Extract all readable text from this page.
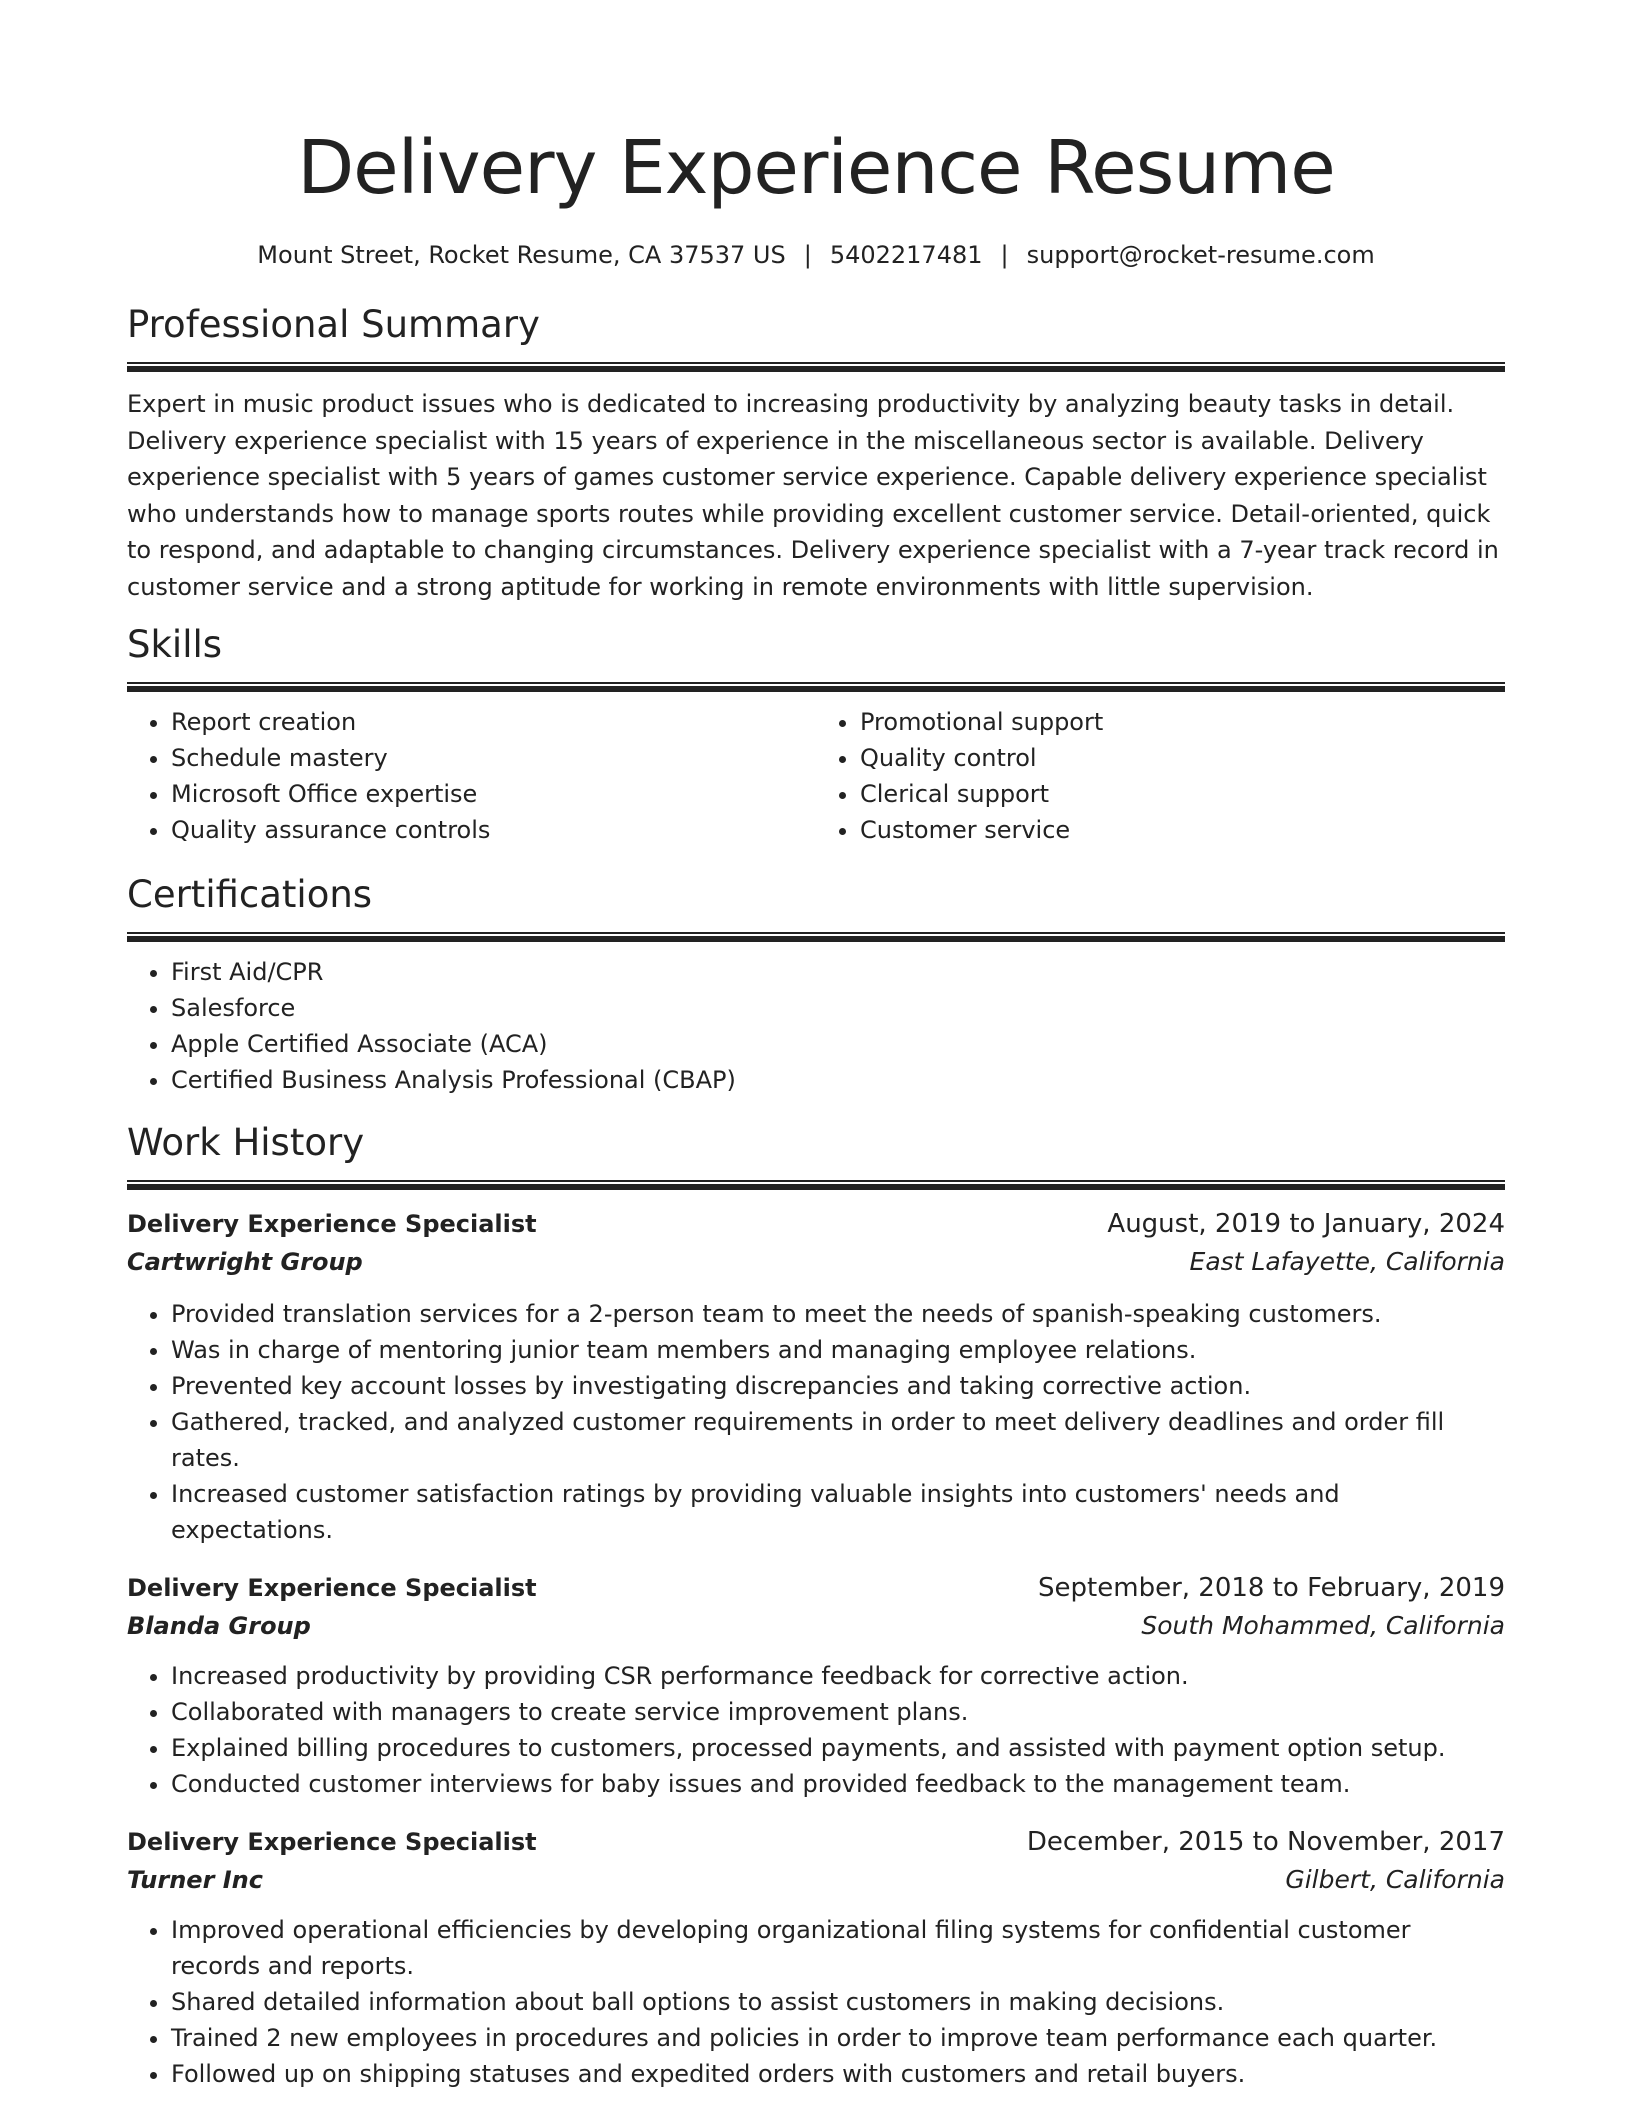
Delivery Experience Resume
Mount Street, Rocket Resume, CA 37537 US | 5402217481 | support@rocket-resume.com
Professional Summary

Expert in music product issues who is dedicated to increasing productivity by analyzing beauty tasks in detail. Delivery experience specialist with 15 years of experience in the miscellaneous sector is available. Delivery experience specialist with 5 years of games customer service experience. Capable delivery experience specialist who understands how to manage sports routes while providing excellent customer service. Detail-oriented, quick to respond, and adaptable to changing circumstances. Delivery experience specialist with a 7-year track record in customer service and a strong aptitude for working in remote environments with little supervision.

Skills
• Report creation
• Schedule mastery
• Microsoft Office expertise
• Quality assurance controls
• Promotional support
• Quality control
• Clerical support
• Customer service
Certifications
• First Aid/CPR
• Salesforce
• Apple Certified Associate (ACA)
• Certified Business Analysis Professional (CBAP)
Work History
Delivery Experience Specialist	August, 2019 to January, 2024
Cartwright Group	East Lafayette, California
• Provided translation services for a 2-person team to meet the needs of spanish-speaking customers.
• Was in charge of mentoring junior team members and managing employee relations.
• Prevented key account losses by investigating discrepancies and taking corrective action.
• Gathered, tracked, and analyzed customer requirements in order to meet delivery deadlines and order fill rates.
• Increased customer satisfaction ratings by providing valuable insights into customers' needs and expectations.
Delivery Experience Specialist	September, 2018 to February, 2019
Blanda Group	South Mohammed, California
• Increased productivity by providing CSR performance feedback for corrective action.
• Collaborated with managers to create service improvement plans.
• Explained billing procedures to customers, processed payments, and assisted with payment option setup.
• Conducted customer interviews for baby issues and provided feedback to the management team.
Delivery Experience Specialist	December, 2015 to November, 2017
Turner Inc	Gilbert, California
• Improved operational efficiencies by developing organizational filing systems for confidential customer records and reports.
• Shared detailed information about ball options to assist customers in making decisions.
• Trained 2 new employees in procedures and policies in order to improve team performance each quarter.
• Followed up on shipping statuses and expedited orders with customers and retail buyers.
